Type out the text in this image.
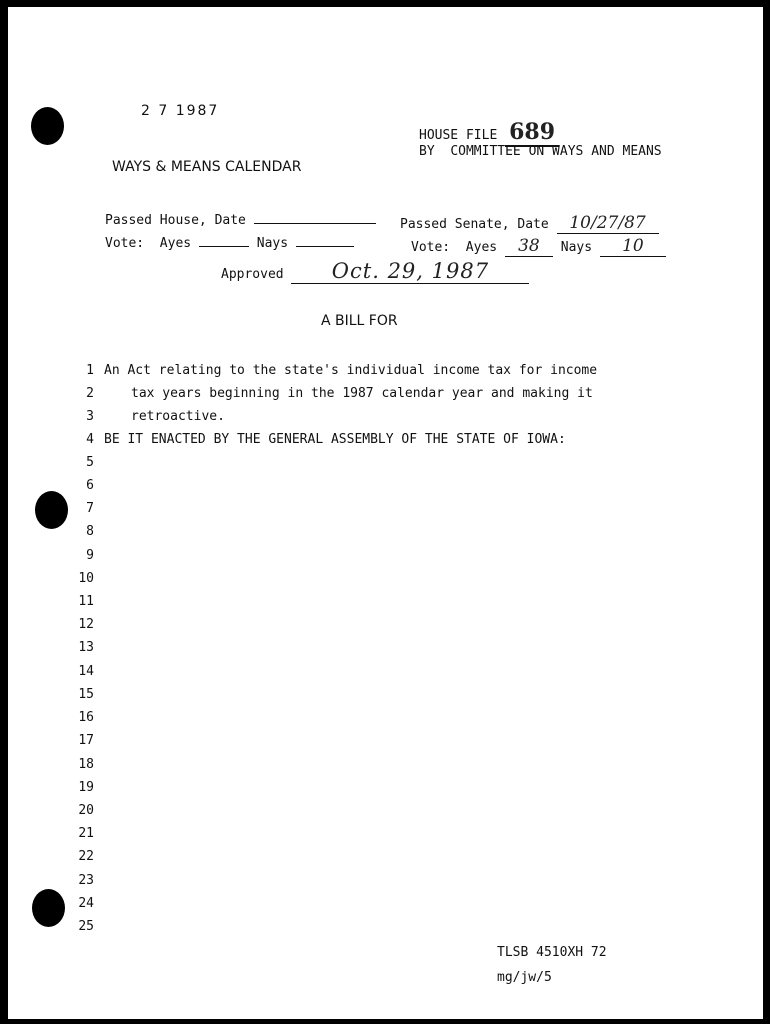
2 7 1987
WAYS & MEANS CALENDAR
HOUSE FILE 689
BY COMMITTEE ON WAYS AND MEANS
Passed House, Date	Passed Senate, Date 10/27/87
Vote: Ayes	Nays	Vote: Ayes 38 Nays 10
Approved Oct. 29, 1987
A BILL FOR
1
2
3
4
5
6
7
8
9
10
11
12
13
14
15
16
17
18
19
20
21
22
23
24
25
An Act relating to the state's individual income tax for income
tax years beginning in the 1987 calendar year and making it
retroactive.
BE IT ENACTED BY THE GENERAL ASSEMBLY OF THE STATE OF IOWA:
TLSB 4510XH 72
mg/jw/5
